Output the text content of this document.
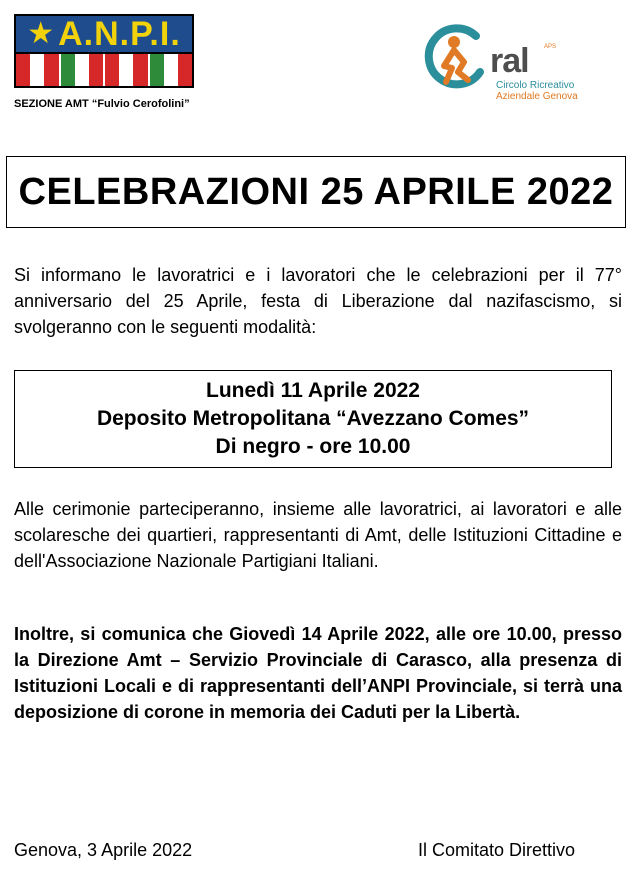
★ A.N.P.I.
SEZIONE AMT “Fulvio Cerofolini”
ral	APS
Circolo Ricreativo
Aziendale Genova
CELEBRAZIONI 25 APRILE 2022
Si informano le lavoratrici e i lavoratori che le celebrazioni per il 77° anniversario del 25 Aprile, festa di Liberazione dal nazifascismo, si svolgeranno con le seguenti modalità:
Lunedì 11 Aprile 2022
Deposito Metropolitana “Avezzano Comes”
Di negro - ore 10.00
Alle cerimonie parteciperanno, insieme alle lavoratrici, ai lavoratori e alle scolaresche dei quartieri, rappresentanti di Amt, delle Istituzioni Cittadine e dell'Associazione Nazionale Partigiani Italiani.
Inoltre, si comunica che Giovedì 14 Aprile 2022, alle ore 10.00, presso la Direzione Amt – Servizio Provinciale di Carasco, alla presenza di Istituzioni Locali e di rappresentanti dell’ANPI Provinciale, si terrà una deposizione di corone in memoria dei Caduti per la Libertà.
Genova, 3 Aprile 2022	Il Comitato Direttivo
